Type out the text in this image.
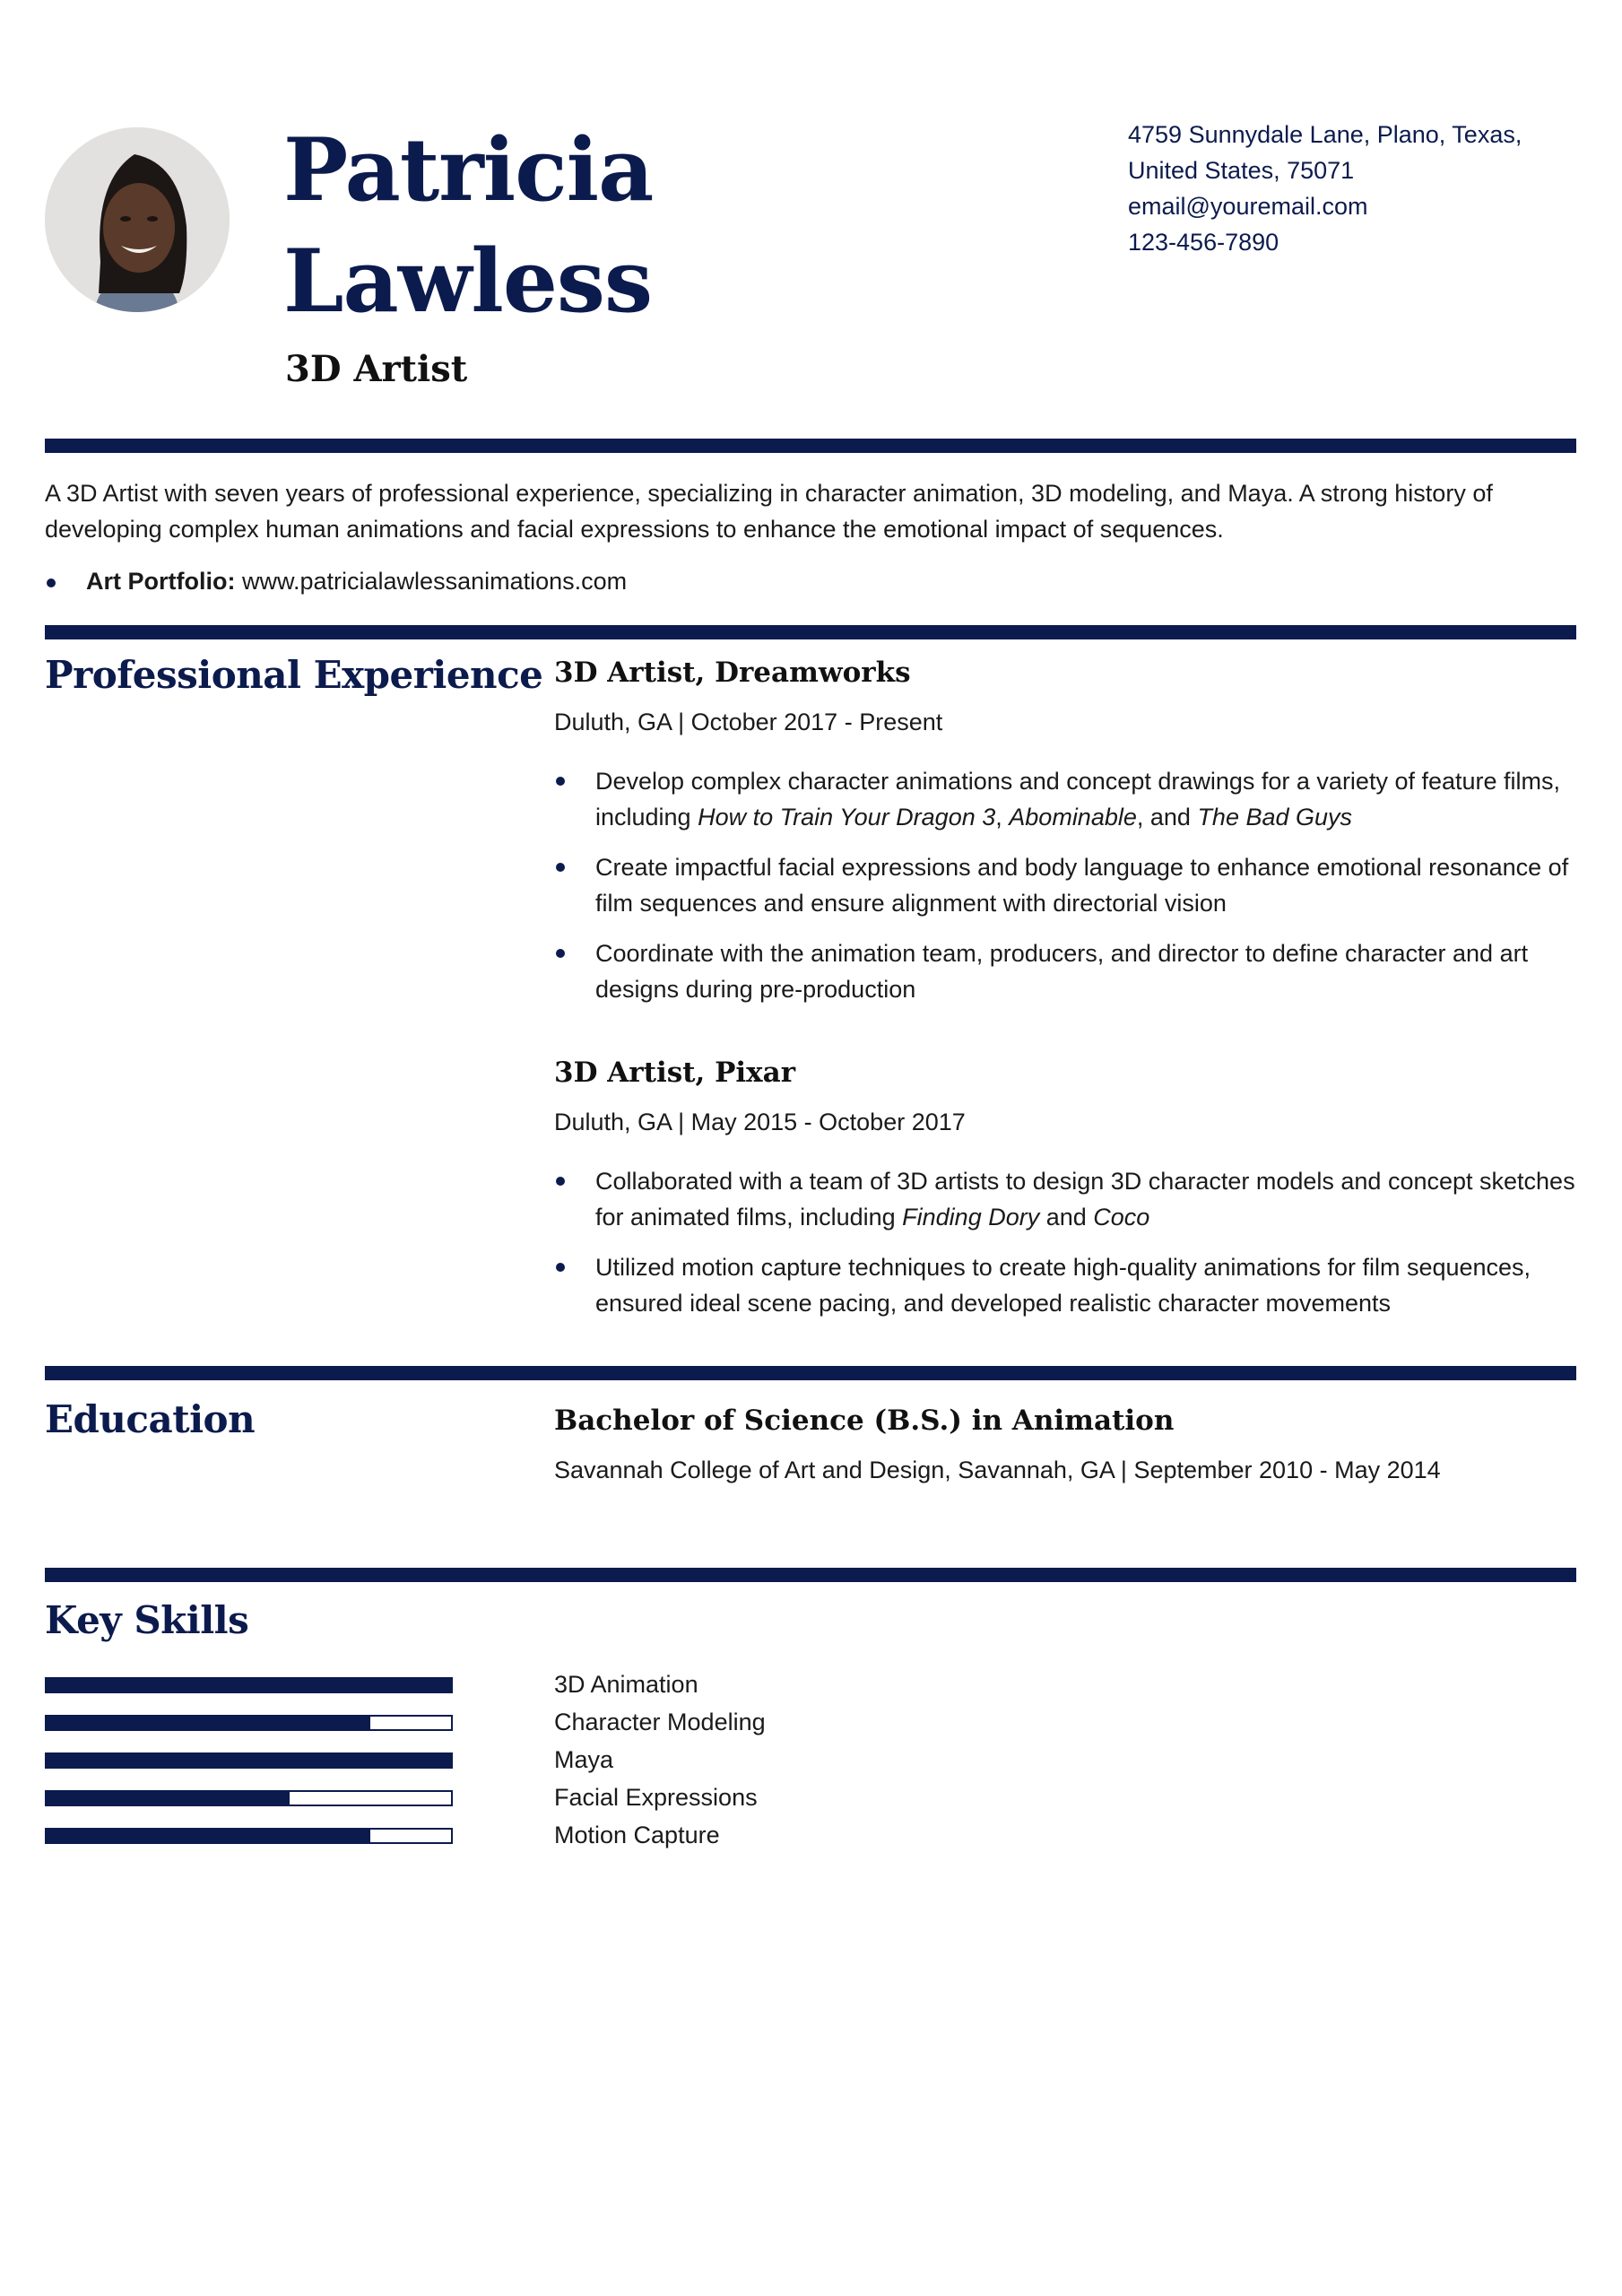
Patricia
Lawless
3D Artist
4759 Sunnydale Lane, Plano, Texas,
United States, 75071
email@youremail.com
123-456-7890
A 3D Artist with seven years of professional experience, specializing in character animation, 3D modeling, and Maya. A strong history of developing complex human animations and facial expressions to enhance the emotional impact of sequences.
Art Portfolio: www.patricialawlessanimations.com
Professional Experience 3D Artist, Dreamworks
Duluth, GA | October 2017 - Present
Develop complex character animations and concept drawings for a variety of feature films, including How to Train Your Dragon 3, Abominable, and The Bad Guys
Create impactful facial expressions and body language to enhance emotional resonance of film sequences and ensure alignment with directorial vision
Coordinate with the animation team, producers, and director to define character and art designs during pre-production
3D Artist, Pixar
Duluth, GA | May 2015 - October 2017
Collaborated with a team of 3D artists to design 3D character models and concept sketches for animated films, including Finding Dory and Coco
Utilized motion capture techniques to create high-quality animations for film sequences, ensured ideal scene pacing, and developed realistic character movements
Education	Bachelor of Science (B.S.) in Animation
Savannah College of Art and Design, Savannah, GA | September 2010 - May 2014
Key Skills
3D Animation
Character Modeling
Maya
Facial Expressions
Motion Capture
